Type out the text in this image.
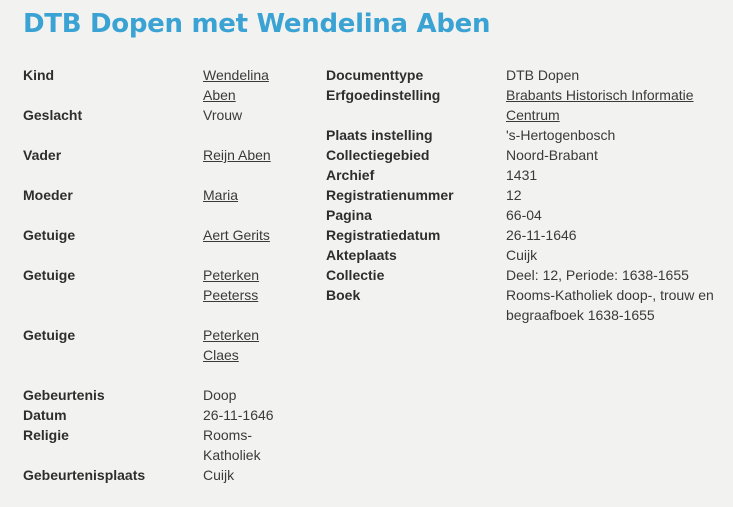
DTB Dopen met Wendelina Aben
Kind	Wendelina Aben
Geslacht	Vrouw
Vader	Reijn Aben
Moeder	Maria
Getuige	Aert Gerits
Getuige	Peterken Peeterss
Getuige	Peterken Claes
Gebeurtenis	Doop
Datum	26-11-1646
Religie	Rooms-Katholiek
Gebeurtenisplaats	Cuijk
Documenttype	DTB Dopen
Erfgoedinstelling	Brabants Historisch Informatie Centrum
Plaats instelling	's-Hertogenbosch
Collectiegebied	Noord-Brabant
Archief	1431
Registratienummer	12
Pagina	66-04
Registratiedatum	26-11-1646
Akteplaats	Cuijk
Collectie	Deel: 12, Periode: 1638-1655
Boek	Rooms-Katholiek doop-, trouw en begraafboek 1638-1655
